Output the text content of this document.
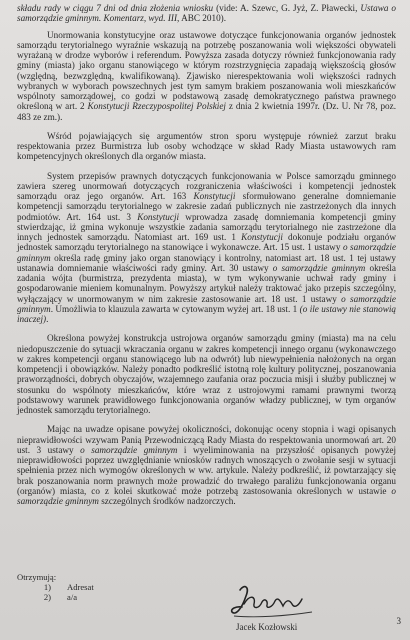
składu rady w ciągu 7 dni od dnia złożenia wniosku (vide: A. Szewc, G. Jyż, Z. Pławecki, Ustawa o samorządzie gminnym. Komentarz, wyd. III, ABC 2010).

Unormowania konstytucyjne oraz ustawowe dotyczące funkcjonowania organów jednostek samorządu terytorialnego wyraźnie wskazują na potrzebę poszanowania woli większości obywateli wyrażaną w drodze wyborów i referendum. Powyższa zasada dotyczy również funkcjonowania rady gminy (miasta) jako organu stanowiącego w którym rozstrzygnięcia zapadają większością głosów (względną, bezwzględną, kwalifikowaną). Zjawisko nierespektowania woli większości radnych wybranych w wyborach powszechnych jest tym samym brakiem poszanowania woli mieszkańców wspólnoty samorządowej, co godzi w podstawową zasadę demokratycznego państwa prawnego określoną w art. 2 Konstytucji Rzeczypospolitej Polskiej z dnia 2 kwietnia 1997r. (Dz. U. Nr 78, poz. 483 ze zm.).

Wśród pojawiających się argumentów stron sporu występuje również zarzut braku respektowania przez Burmistrza lub osoby wchodzące w skład Rady Miasta ustawowych ram kompetencyjnych określonych dla organów miasta.

System przepisów prawnych dotyczących funkcjonowania w Polsce samorządu gminnego zawiera szereg unormowań dotyczących rozgraniczenia właściwości i kompetencji jednostek samorządu oraz jego organów. Art. 163 Konstytucji sformułowano generalne domniemanie kompetencji samorządu terytorialnego w zakresie zadań publicznych nie zastrzeżonych dla innych podmiotów. Art. 164 ust. 3 Konstytucji wprowadza zasadę domniemania kompetencji gminy stwierdzając, iż gmina wykonuje wszystkie zadania samorządu terytorialnego nie zastrzeżone dla innych jednostek samorządu. Natomiast art. 169 ust. 1 Konstytucji dokonuje podziału organów jednostek samorządu terytorialnego na stanowiące i wykonawcze. Art. 15 ust. 1 ustawy o samorządzie gminnym określa radę gminy jako organ stanowiący i kontrolny, natomiast art. 18 ust. 1 tej ustawy ustanawia domniemanie właściwości rady gminy. Art. 30 ustawy o samorządzie gminnym określa zadania wójta (burmistrza, prezydenta miasta), w tym wykonywanie uchwał rady gminy i gospodarowanie mieniem komunalnym. Powyższy artykuł należy traktować jako przepis szczególny, wyłączający w unormowanym w nim zakresie zastosowanie art. 18 ust. 1 ustawy o samorządzie gminnym. Umożliwia to klauzula zawarta w cytowanym wyżej art. 18 ust. 1 (o ile ustawy nie stanowią inaczej).

Określona powyżej konstrukcja ustrojowa organów samorządu gminy (miasta) ma na celu niedopuszczenie do sytuacji wkraczania organu w zakres kompetencji innego organu (wykonawczego w zakres kompetencji organu stanowiącego lub na odwrót) lub niewypełnienia nałożonych na organ kompetencji i obowiązków. Należy ponadto podkreślić istotną rolę kultury politycznej, poszanowania praworządności, dobrych obyczajów, wzajemnego zaufania oraz poczucia misji i służby publicznej w stosunku do wspólnoty mieszkańców, które wraz z ustrojowymi ramami prawnymi tworzą podstawowy warunek prawidłowego funkcjonowania organów władzy publicznej, w tym organów jednostek samorządu terytorialnego.

Mając na uwadze opisane powyżej okoliczności, dokonując oceny stopnia i wagi opisanych nieprawidłowości wzywam Panią Przewodniczącą Rady Miasta do respektowania unormowań art. 20 ust. 3 ustawy o samorządzie gminnym i wyeliminowania na przyszłość opisanych powyżej nieprawidłowości poprzez uwzględnianie wniosków radnych wnoszących o zwołanie sesji w sytuacji spełnienia przez nich wymogów określonych w ww. artykule. Należy podkreślić, iż powtarzający się brak poszanowania norm prawnych może prowadzić do trwałego paraliżu funkcjonowania organu (organów) miasta, co z kolei skutkować może potrzebą zastosowania określonych w ustawie o samorządzie gminnym szczególnych środków nadzorczych.

Otrzymują:
1)	Adresat
2)	a/a
Jacek Kozłowski
3
